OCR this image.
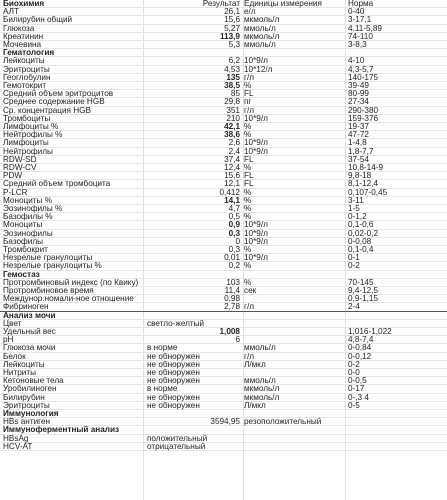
Биохимия	Результат Единицы измерения	Норма
АЛТ	26,1 е/л	0-40
Билирубин общий	15,6 мкмоль/л	3-17,1
Глюкоза	5,27 ммоль/л	4.11-5,89
Креатинин	113,9 мкмоль/л	74-110
Мочевина	5,3 ммоль/л	3-8,3
Гематология
Лейкоциты	6,2 10*9/л	4-10
Эритроциты	4,53 10*12/л	4,3-5,7
Геоглобулин	135 г/л	140-175
Гемотокрит	38,5 %	39-49
Средний объем эритроцитов	85 FL	80-99
Среднее содержание HGB	29,8 пг	27-34
Ср. концентрация HGB	351 г/л	290-380
Тромбоциты	210 10*9/л	159-376
Лимфоциты %	42,1 %	19-37
Нейтрофилы %	38,6 %	47-72
Лимфоциты	2,6 10*9/л	1-4,8
Нейтрофилы	2,4 10*9/л	1,8-7,7
RDW-SD	37,4 FL	37-54
RDW-CV	12,4 %	10,8-14-9
PDW	15,6 FL	9,8-18
Средний объем тромбоцита	12,1 FL	8,1-12,4
P-LCR	0,412 %	0,107-0,45
Моноциты %	14,1 %	3-11
Эозинофилы %	4,7 %	1-5
Базофилы %	0,5 %	0-1,2
Моноциты	0,9 10*9/л	0,1-0,6
Эозинофилы	0,3 10*9/л	0,02-0,2
Базофилы	0 10*9/л	0-0,08
Тромбокрит	0,3 %	0,1-0,4
Незрелые гранулоциты	0,01 10*9/л	0-1
Незрелые гранулоциты %	0,2 %	0-2
Гемостаз
Протромбиновый индекс (по Квику)	103 %	70-145
Протромбиновое время	11,4 сек	9,4-12,5
Междунор.номали-ное отношение	0,98	0,9-1,15
Фибриноген	2,78 г/л	2-4
Анализ мочи
Цвет	светло-желтый
Удельный вес	1,008	1,016-1,022
pH	6	4,8-7,4
Глюкоза мочи	в норме	ммоль/л	0-0,84
Белок	не обноружен	г/л	0-0,12
Лейкоциты	не обноружен	Л/мкл	0-2
Нитриты	не обноружен	0-0
Кетоновые тела	не обноружен	ммоль/л	0-0,5
Уробилиноген	в норме	мкмоль/л	0-17
Билирубин	не обноружен	мкмоль/л	0-,3 4
Эритроциты	не обноружен	Л/мкл	0-5
Иммунология
HBs антиген	3594,95 резоположительный
Иммуноферментный анализ
HBsAg	положительный
HCV-AT	отрицательный
